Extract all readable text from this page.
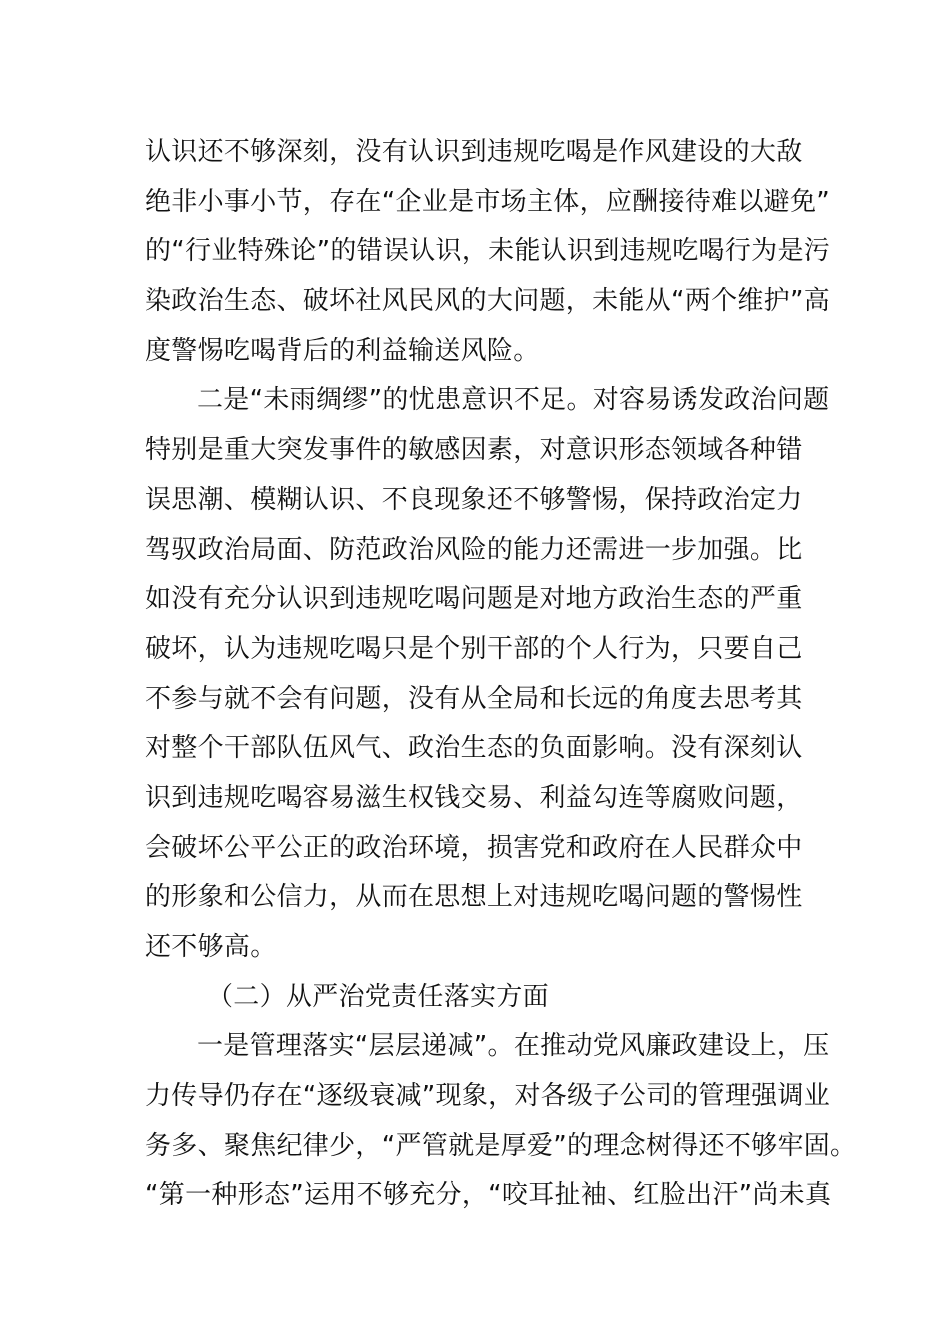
认识还不够深刻，没有认识到违规吃喝是作风建设的大敌
绝非小事小节，存在“企业是市场主体，应酬接待难以避免”
的“行业特殊论”的错误认识，未能认识到违规吃喝行为是污
染政治生态、破坏社风民风的大问题，未能从“两个维护”高
度警惕吃喝背后的利益输送风险。
二是“未雨绸缪”的忧患意识不足。对容易诱发政治问题
特别是重大突发事件的敏感因素，对意识形态领域各种错
误思潮、模糊认识、不良现象还不够警惕，保持政治定力
驾驭政治局面、防范政治风险的能力还需进一步加强。比
如没有充分认识到违规吃喝问题是对地方政治生态的严重
破坏，认为违规吃喝只是个别干部的个人行为，只要自己
不参与就不会有问题，没有从全局和长远的角度去思考其
对整个干部队伍风气、政治生态的负面影响。没有深刻认
识到违规吃喝容易滋生权钱交易、利益勾连等腐败问题，
会破坏公平公正的政治环境，损害党和政府在人民群众中
的形象和公信力，从而在思想上对违规吃喝问题的警惕性
还不够高。
（二）从严治党责任落实方面
一是管理落实“层层递减”。在推动党风廉政建设上，压
力传导仍存在“逐级衰减”现象，对各级子公司的管理强调业
务多、聚焦纪律少，“严管就是厚爱”的理念树得还不够牢固。
“第一种形态”运用不够充分，“咬耳扯袖、红脸出汗”尚未真
